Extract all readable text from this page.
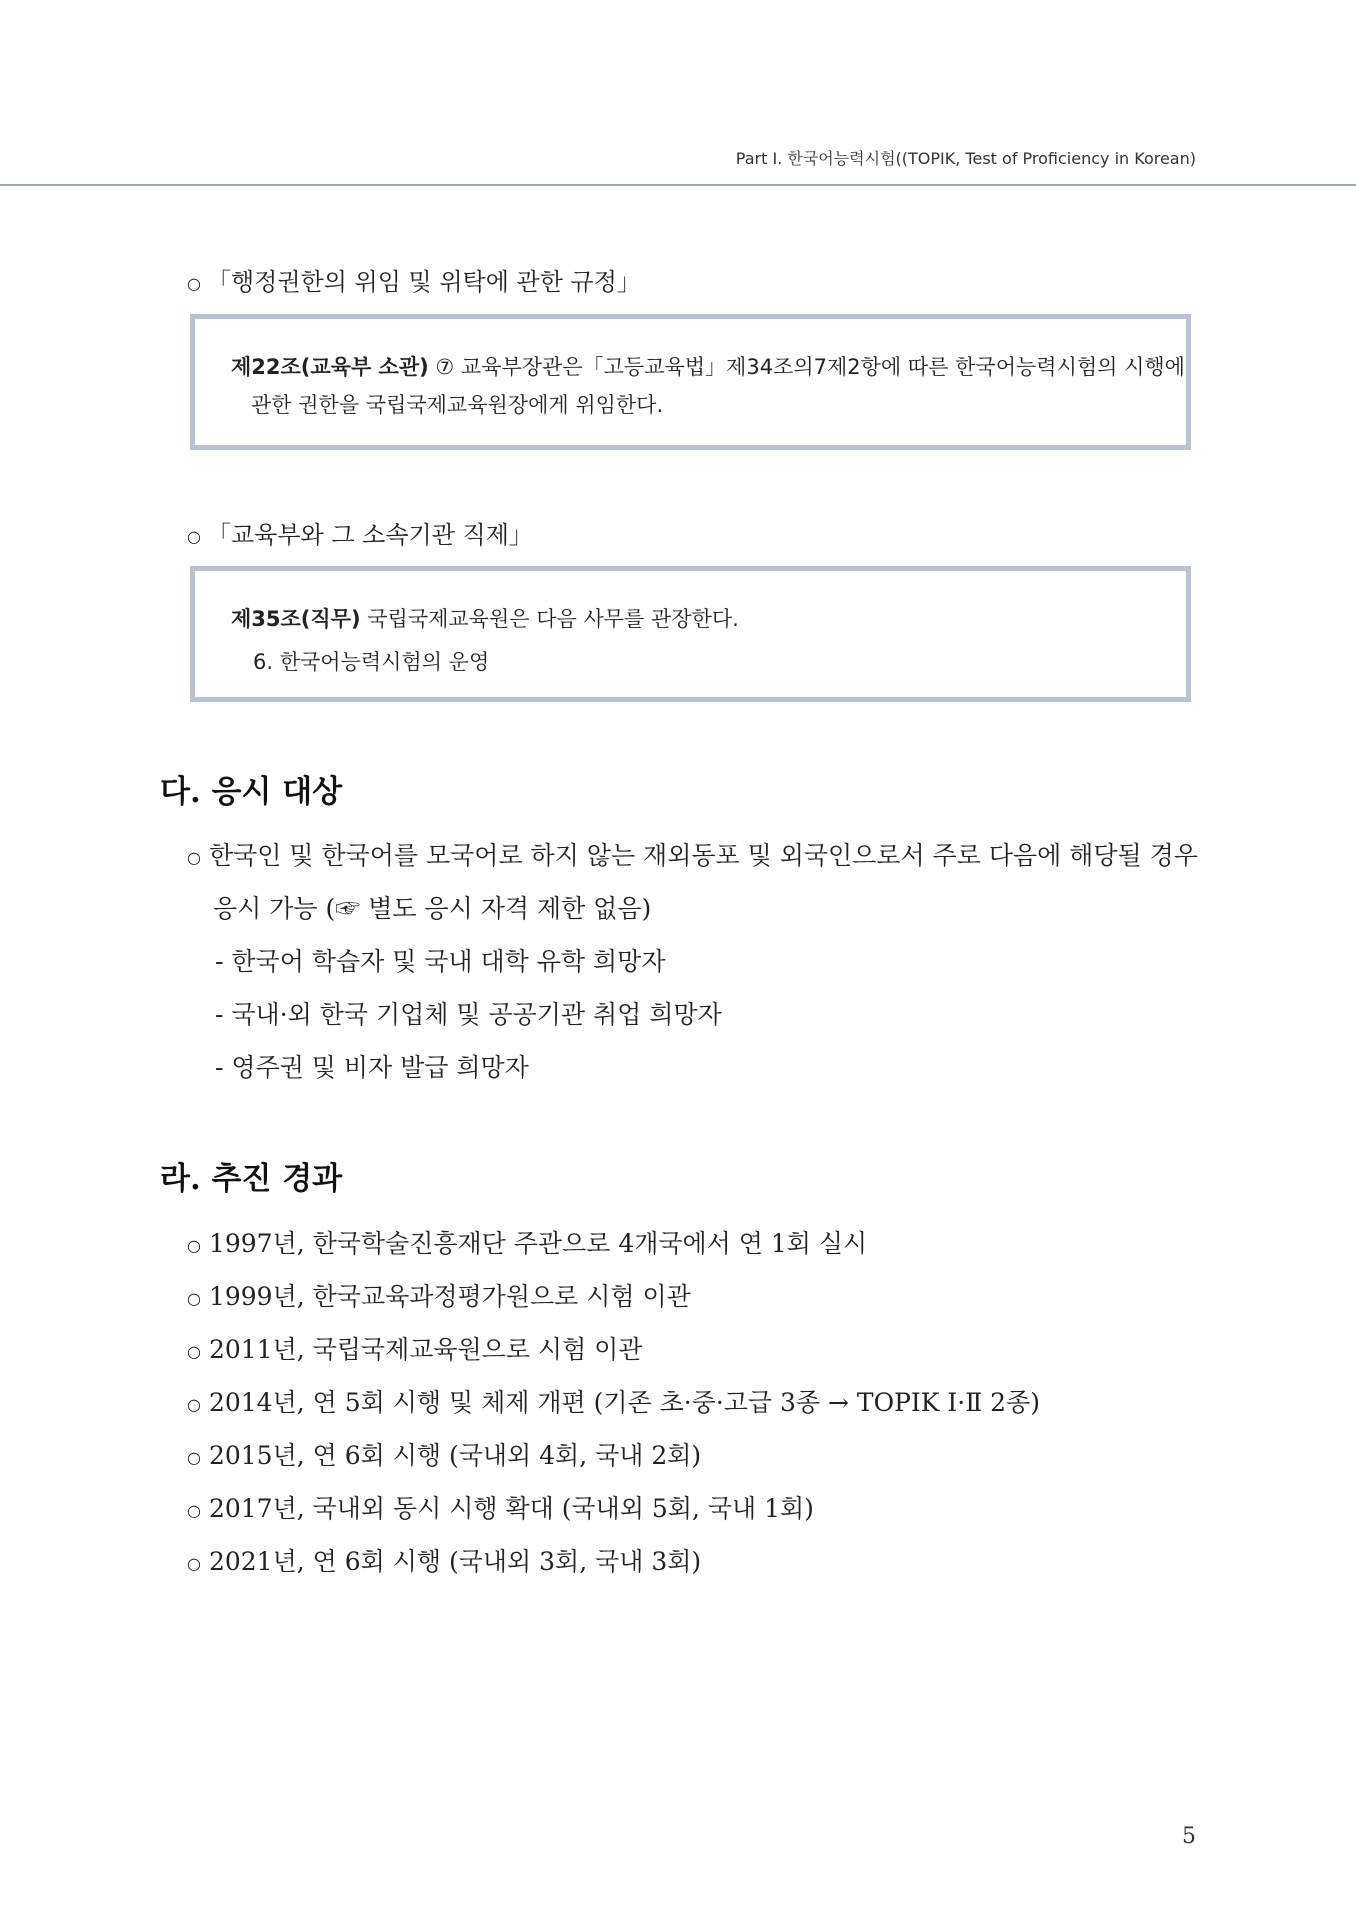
Part Ⅰ. 한국어능력시험((TOPIK, Test of Proficiency in Korean)
○ 「행정권한의 위임 및 위탁에 관한 규정」
제22조(교육부 소관) ⑦ 교육부장관은「고등교육법」제34조의7제2항에 따른 한국어능력시험의 시행에
관한 권한을 국립국제교육원장에게 위임한다.
○ 「교육부와 그 소속기관 직제」
제35조(직무) 국립국제교육원은 다음 사무를 관장한다.
6. 한국어능력시험의 운영
다. 응시 대상
○ 한국인 및 한국어를 모국어로 하지 않는 재외동포 및 외국인으로서 주로 다음에 해당될 경우
응시 가능 (☞ 별도 응시 자격 제한 없음)
- 한국어 학습자 및 국내 대학 유학 희망자
- 국내·외 한국 기업체 및 공공기관 취업 희망자
- 영주권 및 비자 발급 희망자
라. 추진 경과
○ 1997년, 한국학술진흥재단 주관으로 4개국에서 연 1회 실시
○ 1999년, 한국교육과정평가원으로 시험 이관
○ 2011년, 국립국제교육원으로 시험 이관
○ 2014년, 연 5회 시행 및 체제 개편 (기존 초·중·고급 3종 → TOPIK Ⅰ·Ⅱ 2종)
○ 2015년, 연 6회 시행 (국내외 4회, 국내 2회)
○ 2017년, 국내외 동시 시행 확대 (국내외 5회, 국내 1회)
○ 2021년, 연 6회 시행 (국내외 3회, 국내 3회)
5
